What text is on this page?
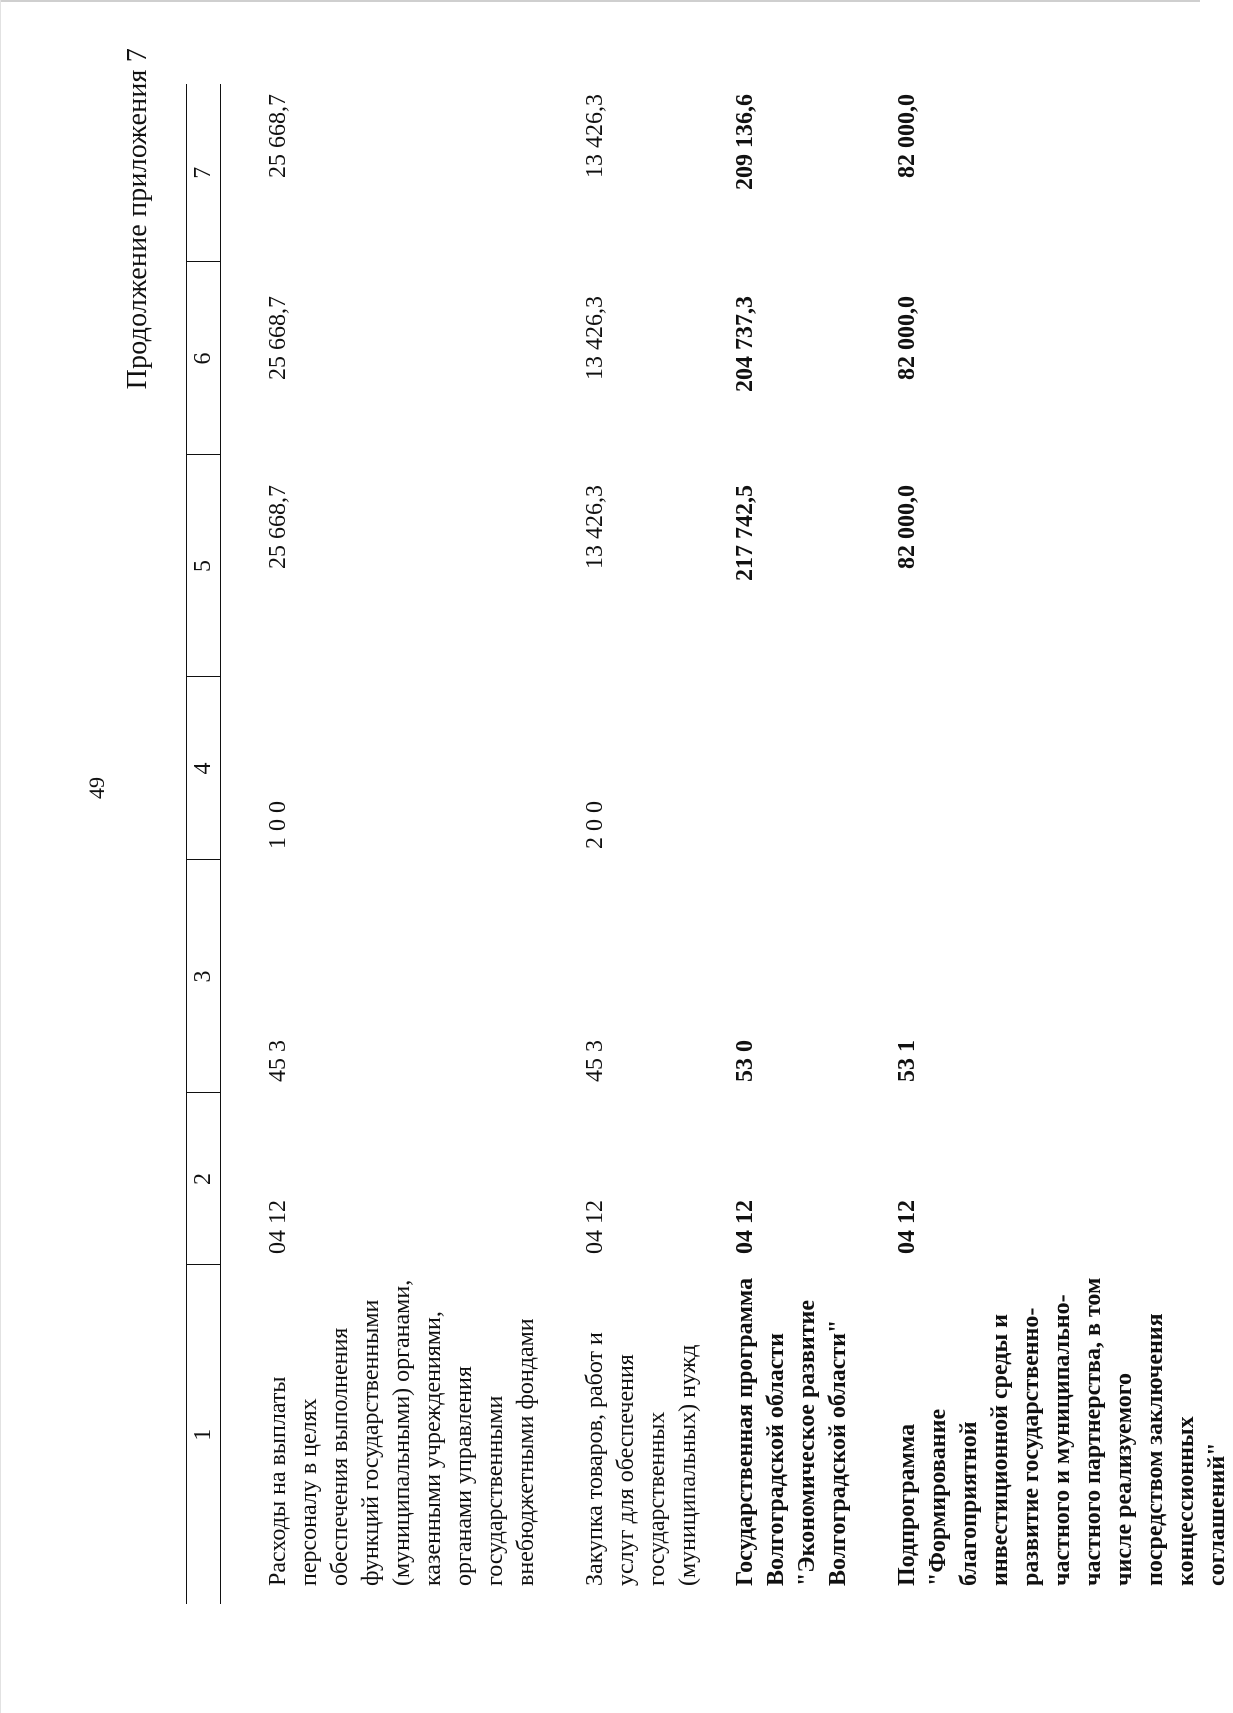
49
Продолжение приложения 7
1	2	3	4	5	6	7

Расходы на выплаты персоналу в целях обеспечения выполнения функций государственными (муниципальными) органами, казенными учреждениями, органами управления государственными внебюджетными фондами	04 12	45 3	1 0 0	25 668,7	25 668,7	25 668,7

Закупка товаров, работ и услуг для обеспечения государственных (муниципальных) нужд	04 12	45 3	2 0 0	13 426,3	13 426,3	13 426,3

Государственная программа Волгоградской области "Экономическое развитие Волгоградской области"	04 12	53 0		217 742,5	204 737,3	209 136,6

Подпрограмма "Формирование благоприятной инвестиционной среды и развитие государственно-частного и муниципально-частного партнерства, в том числе реализуемого посредством заключения концессионных соглашений"	04 12	53 1		82 000,0	82 000,0	82 000,0
